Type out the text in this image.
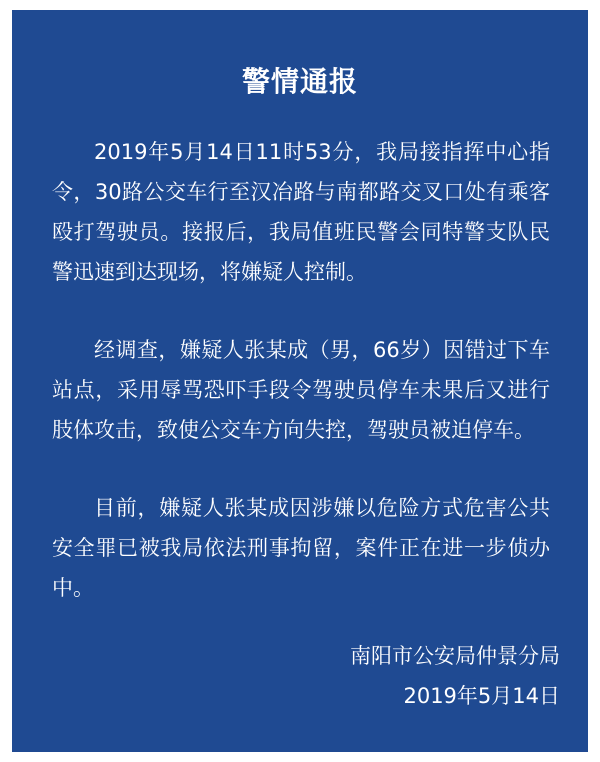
警情通报

2019年5月14日11时53分，我局接指挥中心指令，30路公交车行至汉冶路与南都路交叉口处有乘客殴打驾驶员。接报后，我局值班民警会同特警支队民警迅速到达现场，将嫌疑人控制。

经调查，嫌疑人张某成（男，66岁）因错过下车站点，采用辱骂恐吓手段令驾驶员停车未果后又进行肢体攻击，致使公交车方向失控，驾驶员被迫停车。

目前，嫌疑人张某成因涉嫌以危险方式危害公共安全罪已被我局依法刑事拘留，案件正在进一步侦办中。

南阳市公安局仲景分局
2019年5月14日
